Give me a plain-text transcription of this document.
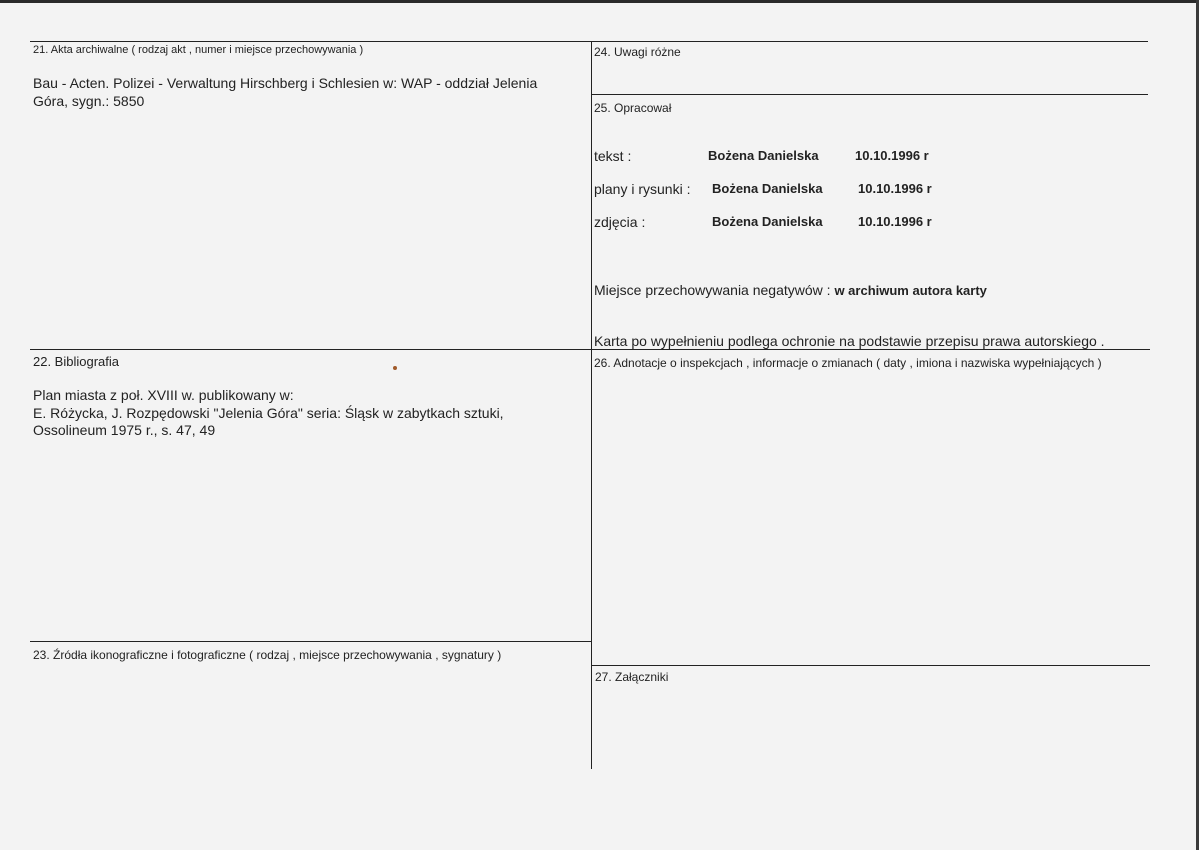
21. Akta archiwalne ( rodzaj akt , numer i miejsce przechowywania )
Bau - Acten. Polizei - Verwaltung Hirschberg i Schlesien w: WAP - oddział Jelenia
Góra, sygn.: 5850
22. Bibliografia
Plan miasta z poł. XVIII w. publikowany w:
E. Różycka, J. Rozpędowski "Jelenia Góra" seria: Śląsk w zabytkach sztuki,
Ossolineum 1975 r., s. 47, 49
23. Źródła ikonograficzne i fotograficzne ( rodzaj , miejsce przechowywania , sygnatury )
24. Uwagi różne
25. Opracował
tekst :	Bożena Danielska	10.10.1996 r
plany i rysunki : Bożena Danielska	10.10.1996 r
zdjęcia :	Bożena Danielska	10.10.1996 r
Miejsce przechowywania negatywów : w archiwum autora karty
Karta po wypełnieniu podlega ochronie na podstawie przepisu prawa autorskiego .
26. Adnotacje o inspekcjach , informacje o zmianach ( daty , imiona i nazwiska wypełniających )
27. Załączniki
